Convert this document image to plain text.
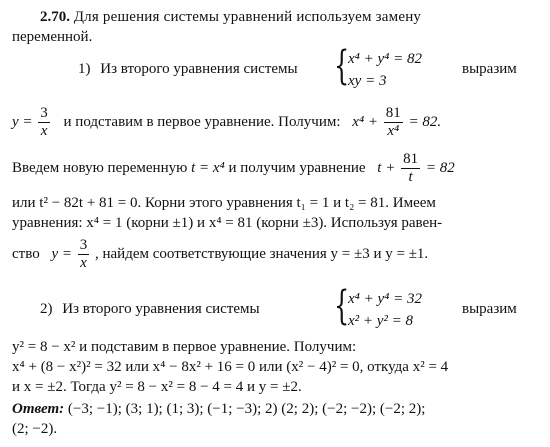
2.70. Для решения системы уравнений используем замену
переменной.
1) Из второго уравнения системы {
x⁴ + y⁴ = 82
xy = 3
выразим
$y = \frac{3}{x}$ и подставим в первое уравнение. Получим: $x^4 + \frac{81}{\text{x⁴}} = 82$.
Введем новую переменную t = x⁴ и получим уравнение $t + \frac{81}{t} = 82$
или t² − 82t + 81 = 0. Корни этого уравнения t₁ = 1 и t₂ = 81. Имеем
уравнения: x⁴ = 1 (корни ±1) и x⁴ = 81 (корни ±3). Используя равен-
ство $y = \frac{3}{x}$ , найдем соответствующие значения y = ±3 и y = ±1.
2) Из второго уравнения системы {
x⁴ + y⁴ = 32
x² + y² = 8
выразим
y² = 8 − x² и подставим в первое уравнение. Получим:
x⁴ + (8 − x²)² = 32 или x⁴ − 8x² + 16 = 0 или (x² − 4)² = 0, откуда x² = 4
и x = ±2. Тогда y² = 8 − x² = 8 − 4 = 4 и y = ±2.
Ответ: (−3; −1); (3; 1); (1; 3); (−1; −3); 2) (2; 2); (−2; −2); (−2; 2);
(2; −2).
